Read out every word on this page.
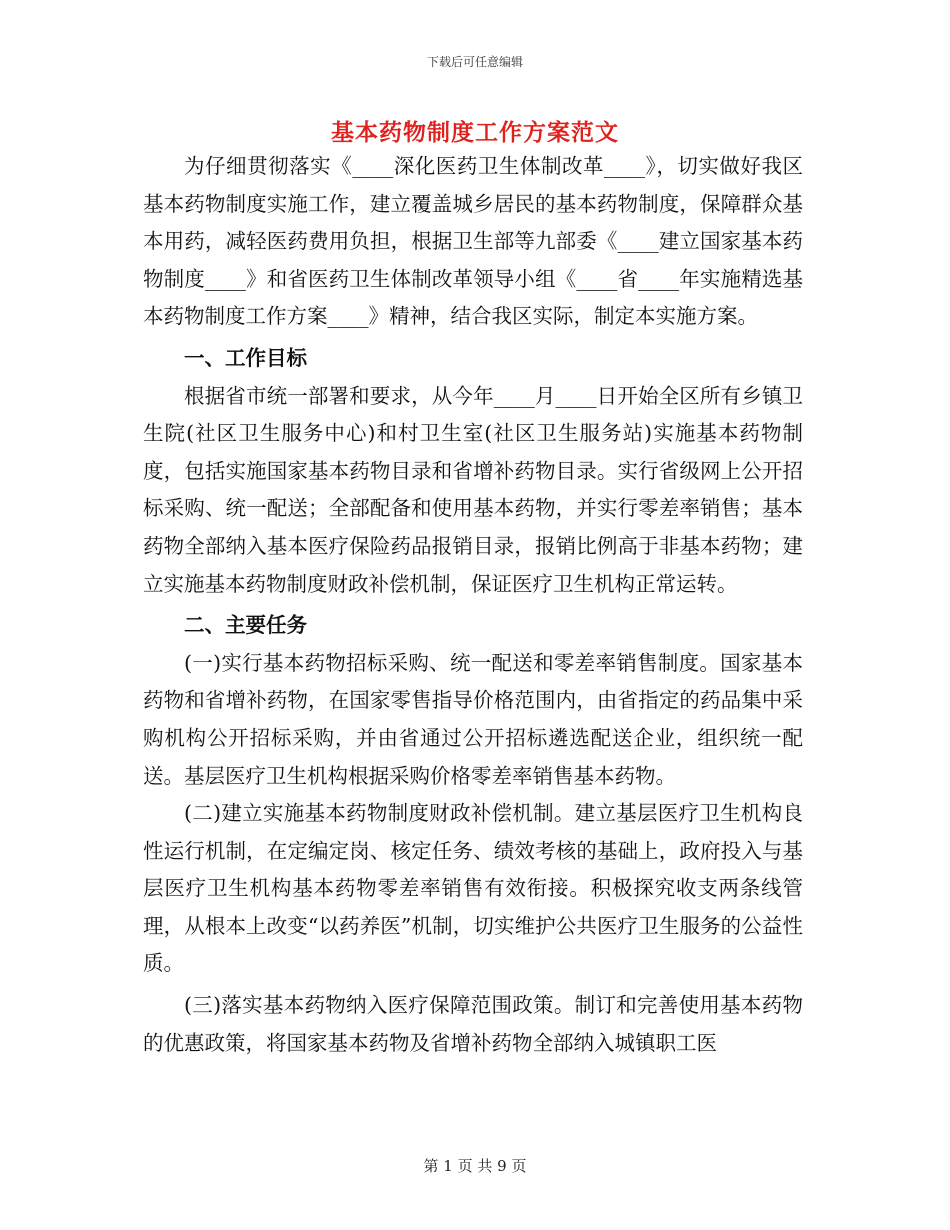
下载后可任意编辑
基本药物制度工作方案范文

为仔细贯彻落实《____深化医药卫生体制改革____》，切实做好我区基本药物制度实施工作，建立覆盖城乡居民的基本药物制度，保障群众基本用药，减轻医药费用负担，根据卫生部等九部委《____建立国家基本药物制度____》和省医药卫生体制改革领导小组《____省____年实施精选基本药物制度工作方案____》精神，结合我区实际，制定本实施方案。

一、工作目标

根据省市统一部署和要求，从今年____月____日开始全区所有乡镇卫生院(社区卫生服务中心)和村卫生室(社区卫生服务站)实施基本药物制度，包括实施国家基本药物目录和省增补药物目录。实行省级网上公开招标采购、统一配送；全部配备和使用基本药物，并实行零差率销售；基本药物全部纳入基本医疗保险药品报销目录，报销比例高于非基本药物；建立实施基本药物制度财政补偿机制，保证医疗卫生机构正常运转。

二、主要任务

(一)实行基本药物招标采购、统一配送和零差率销售制度。国家基本药物和省增补药物，在国家零售指导价格范围内，由省指定的药品集中采购机构公开招标采购，并由省通过公开招标遴选配送企业，组织统一配送。基层医疗卫生机构根据采购价格零差率销售基本药物。

(二)建立实施基本药物制度财政补偿机制。建立基层医疗卫生机构良性运行机制，在定编定岗、核定任务、绩效考核的基础上，政府投入与基层医疗卫生机构基本药物零差率销售有效衔接。积极探究收支两条线管理，从根本上改变“以药养医”机制，切实维护公共医疗卫生服务的公益性质。

(三)落实基本药物纳入医疗保障范围政策。制订和完善使用基本药物的优惠政策，将国家基本药物及省增补药物全部纳入城镇职工医

第 1 页 共 9 页
